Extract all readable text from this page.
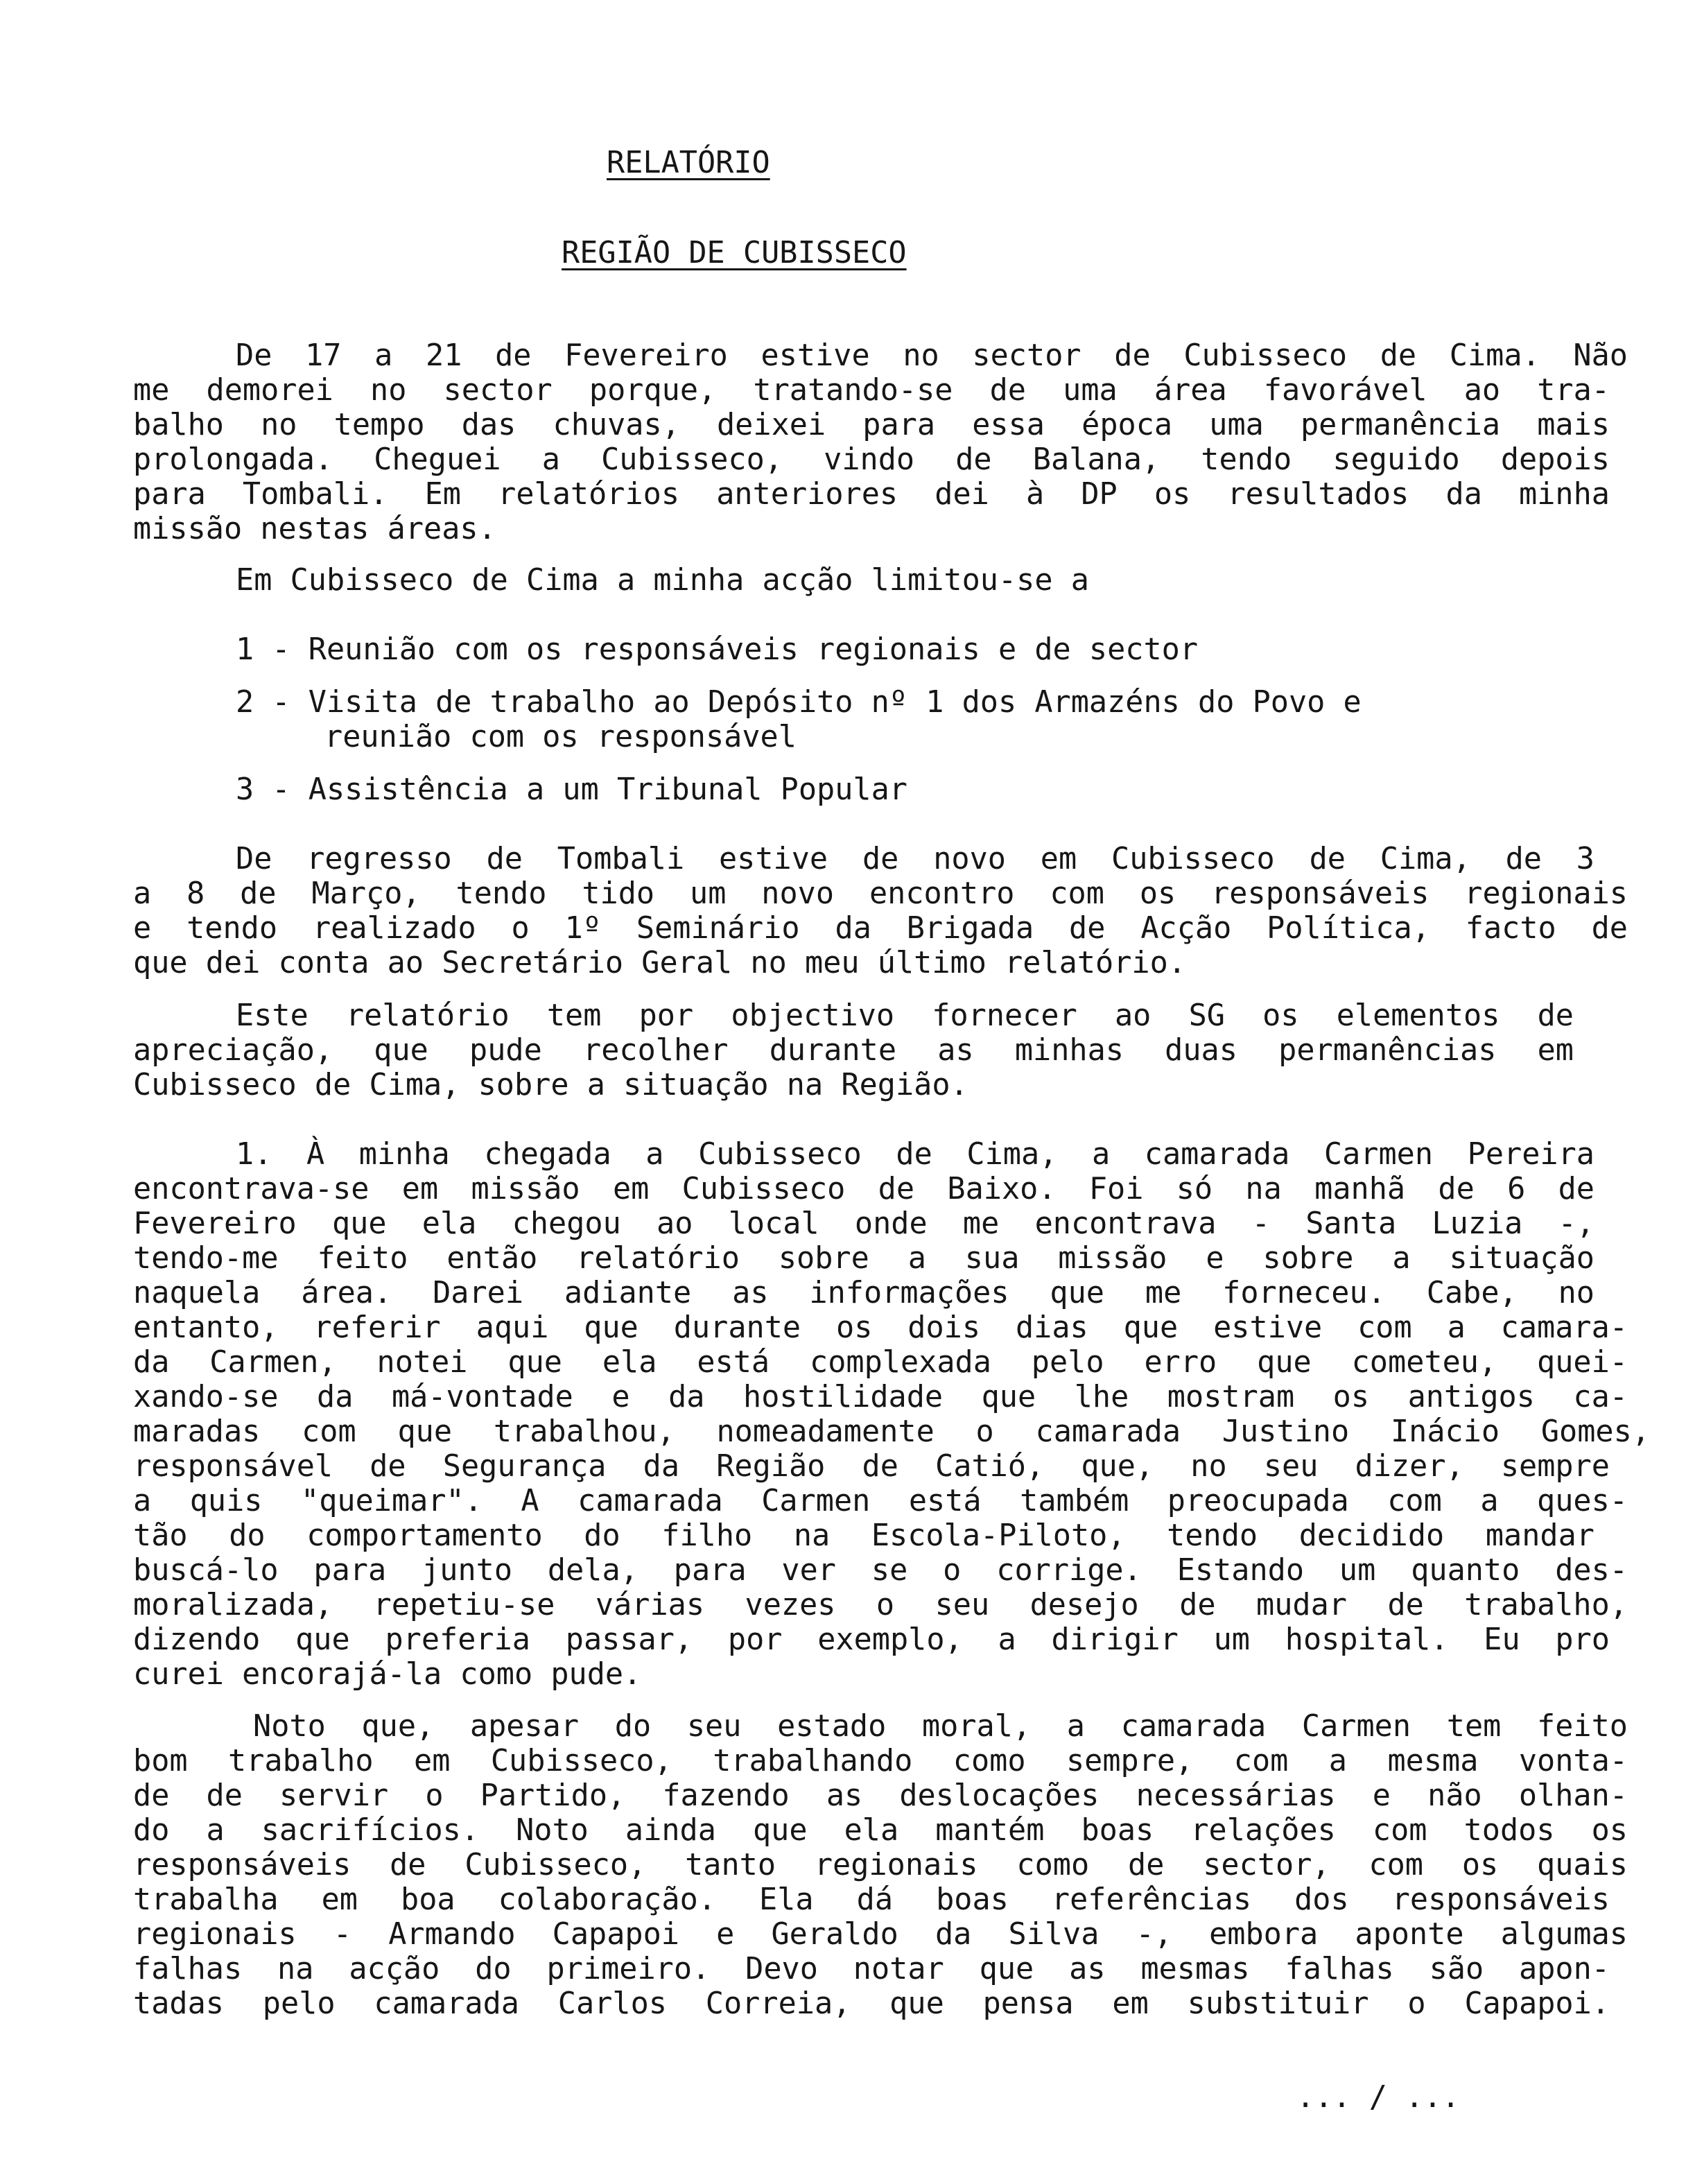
RELATÓRIO
REGIÃO DE CUBISSECO
De 17 a 21 de Fevereiro estive no sector de Cubisseco de Cima. Não
me demorei no sector porque, tratando-se de uma área favorável ao tra-
balho no tempo das chuvas, deixei para essa época uma permanência mais
prolongada. Cheguei a Cubisseco, vindo de Balana, tendo seguido depois
para Tombali. Em relatórios anteriores dei à DP os resultados da minha
missão nestas áreas.
Em Cubisseco de Cima a minha acção limitou-se a
1 - Reunião com os responsáveis regionais e de sector
2 - Visita de trabalho ao Depósito nº 1 dos Armazéns do Povo e
reunião com os responsável
3 - Assistência a um Tribunal Popular
De regresso de Tombali estive de novo em Cubisseco de Cima, de 3
a 8 de Março, tendo tido um novo encontro com os responsáveis regionais
e tendo realizado o 1º Seminário da Brigada de Acção Política, facto de
que dei conta ao Secretário Geral no meu último relatório.
Este relatório tem por objectivo fornecer ao SG os elementos de
apreciação, que pude recolher durante as minhas duas permanências em
Cubisseco de Cima, sobre a situação na Região.
1. À minha chegada a Cubisseco de Cima, a camarada Carmen Pereira
encontrava-se em missão em Cubisseco de Baixo. Foi só na manhã de 6 de
Fevereiro que ela chegou ao local onde me encontrava - Santa Luzia -,
tendo-me feito então relatório sobre a sua missão e sobre a situação
naquela área. Darei adiante as informações que me forneceu. Cabe, no
entanto, referir aqui que durante os dois dias que estive com a camara-
da Carmen, notei que ela está complexada pelo erro que cometeu, quei-
xando-se da má-vontade e da hostilidade que lhe mostram os antigos ca-
maradas com que trabalhou, nomeadamente o camarada Justino Inácio Gomes,
responsável de Segurança da Região de Catió, que, no seu dizer, sempre
a quis "queimar". A camarada Carmen está também preocupada com a ques-
tão do comportamento do filho na Escola-Piloto, tendo decidido mandar
buscá-lo para junto dela, para ver se o corrige. Estando um quanto des-
moralizada, repetiu-se várias vezes o seu desejo de mudar de trabalho,
dizendo que preferia passar, por exemplo, a dirigir um hospital. Eu pro
curei encorajá-la como pude.
Noto que, apesar do seu estado moral, a camarada Carmen tem feito
bom trabalho em Cubisseco, trabalhando como sempre, com a mesma vonta-
de de servir o Partido, fazendo as deslocações necessárias e não olhan-
do a sacrifícios. Noto ainda que ela mantém boas relações com todos os
responsáveis de Cubisseco, tanto regionais como de sector, com os quais
trabalha em boa colaboração. Ela dá boas referências dos responsáveis
regionais - Armando Capapoi e Geraldo da Silva -, embora aponte algumas
falhas na acção do primeiro. Devo notar que as mesmas falhas são apon-
tadas pelo camarada Carlos Correia, que pensa em substituir o Capapoi.
... / ...
